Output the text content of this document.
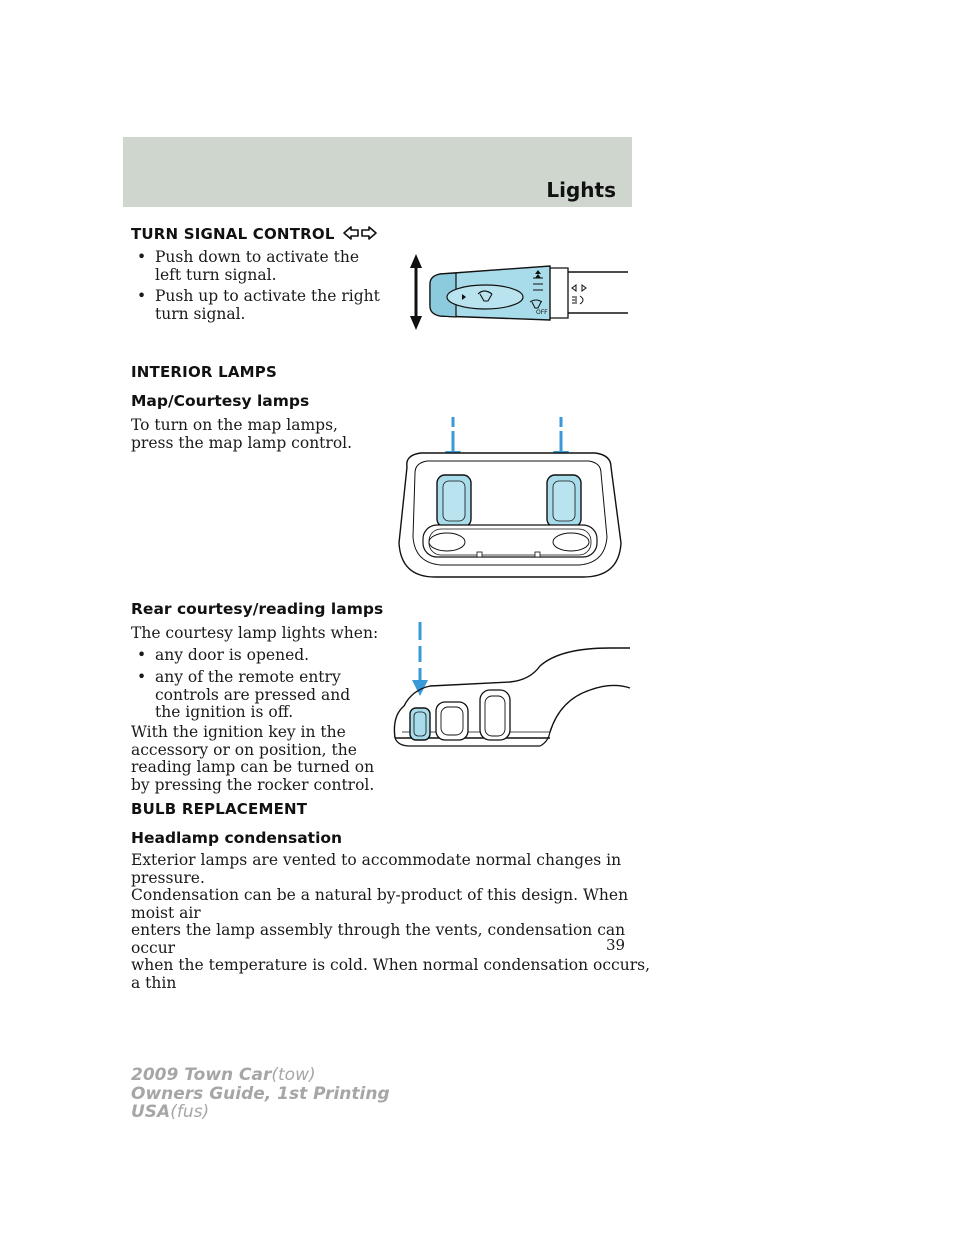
Lights
TURN SIGNAL CONTROL
• Push down to activate the left turn signal.
• Push up to activate the right turn signal.	OFF
INTERIOR LAMPS
Map/Courtesy lamps

To turn on the map lamps, press the map lamp control.

Rear courtesy/reading lamps

The courtesy lamp lights when:

• any door is opened.
• any of the remote entry controls are pressed and the ignition is off.

With the ignition key in the accessory or on position, the reading lamp can be turned on by pressing the rocker control.

BULB REPLACEMENT
Headlamp condensation
Exterior lamps are vented to accommodate normal changes in pressure.
Condensation can be a natural by-product of this design. When moist air
enters the lamp assembly through the vents, condensation can occur
when the temperature is cold. When normal condensation occurs, a thin
39
2009 Town Car(tow)
Owners Guide, 1st Printing
USA(fus)
